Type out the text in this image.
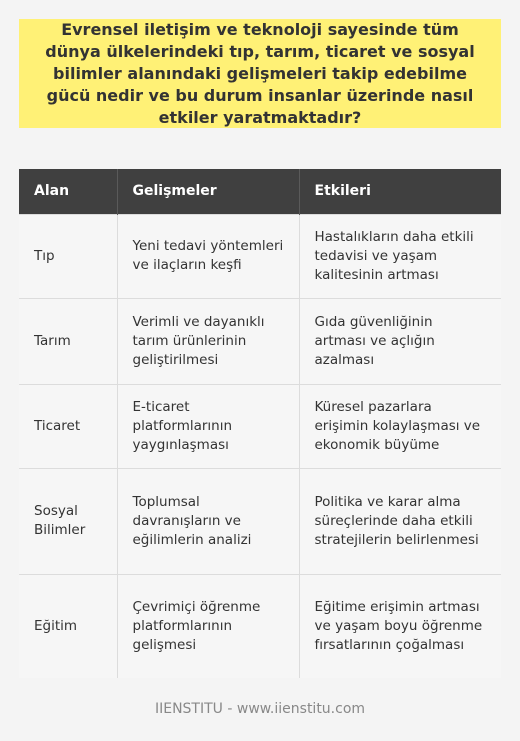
Evrensel iletişim ve teknoloji sayesinde tüm dünya ülkelerindeki tıp, tarım, ticaret ve sosyal bilimler alanındaki gelişmeleri takip edebilme gücü nedir ve bu durum insanlar üzerinde nasıl etkiler yaratmaktadır?
Alan	Gelişmeler	Etkileri
Tıp	Yeni tedavi yöntemleri ve ilaçların keşfi	Hastalıkların daha etkili tedavisi ve yaşam kalitesinin artması
Tarım	Verimli ve dayanıklı tarım ürünlerinin geliştirilmesi	Gıda güvenliğinin artması ve açlığın azalması
Ticaret	E-ticaret platformlarının yaygınlaşması	Küresel pazarlara erişimin kolaylaşması ve ekonomik büyüme
Sosyal Bilimler	Toplumsal davranışların ve eğilimlerin analizi	Politika ve karar alma süreçlerinde daha etkili stratejilerin belirlenmesi
Eğitim	Çevrimiçi öğrenme platformlarının gelişmesi	Eğitime erişimin artması ve yaşam boyu öğrenme fırsatlarının çoğalması
IIENSTITU - www.iienstitu.com
